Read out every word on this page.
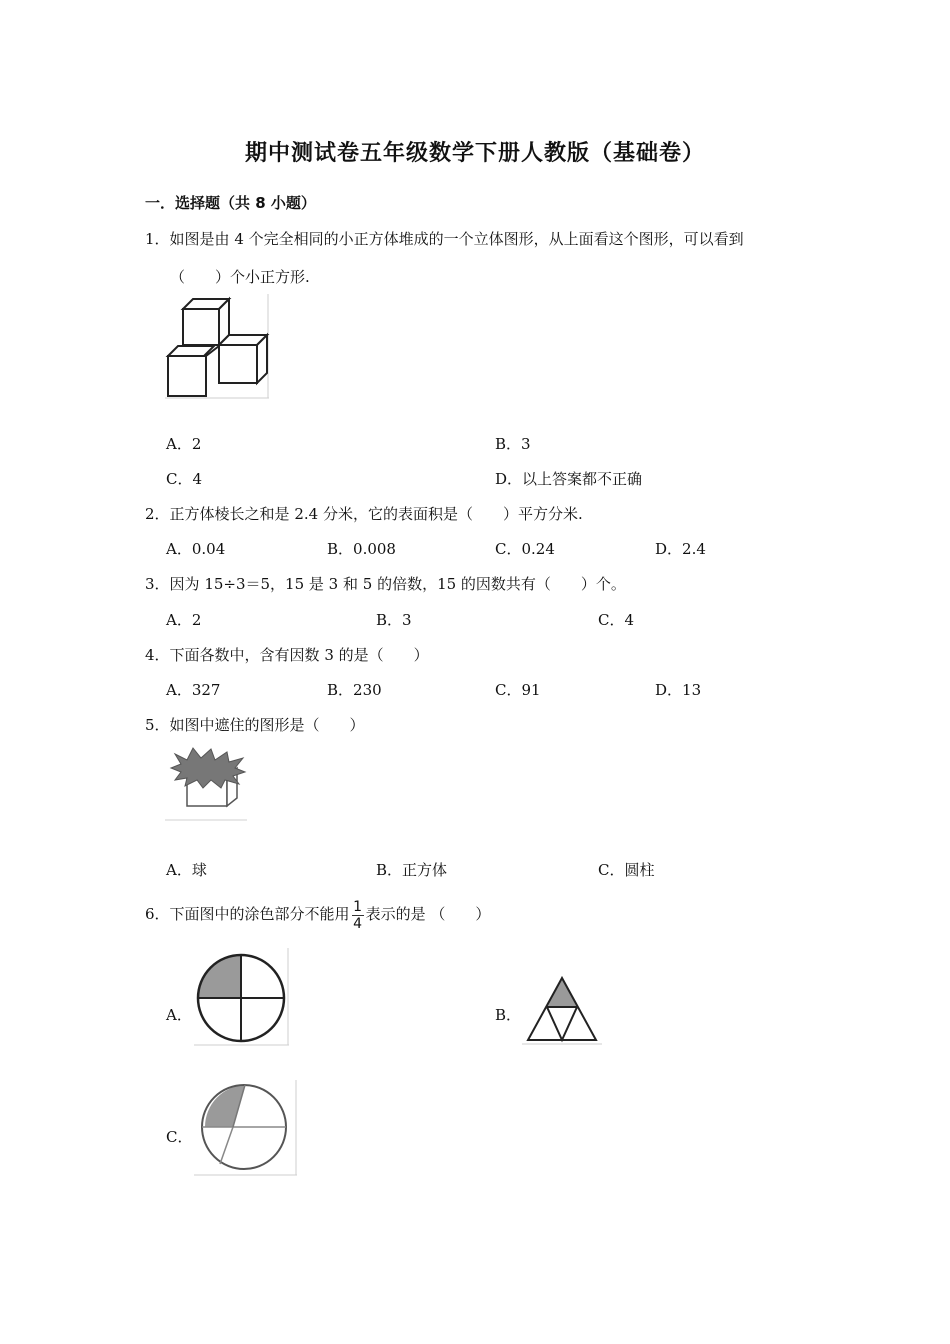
期中测试卷五年级数学下册人教版（基础卷）
一．选择题（共 8 小题）
1．如图是由 4 个完全相同的小正方体堆成的一个立体图形，从上面看这个图形，可以看到
（　　）个小正方形.
A．2	B．3
C．4	D．以上答案都不正确
2．正方体棱长之和是 2.4 分米，它的表面积是（　　）平方分米.
A．0.04	B．0.008	C．0.24	D．2.4
3．因为 15÷3＝5，15 是 3 和 5 的倍数，15 的因数共有（　　）个。
A．2	B．3	C．4
4．下面各数中，含有因数 3 的是（　　）
A．327	B．230	C．91	D．13
5．如图中遮住的图形是（　　）
A．球	B．正方体	C．圆柱
6．下面图中的涂色部分不能用 $\frac{1}{4}$ 表示的是 （　　）
A．	B．
C．
